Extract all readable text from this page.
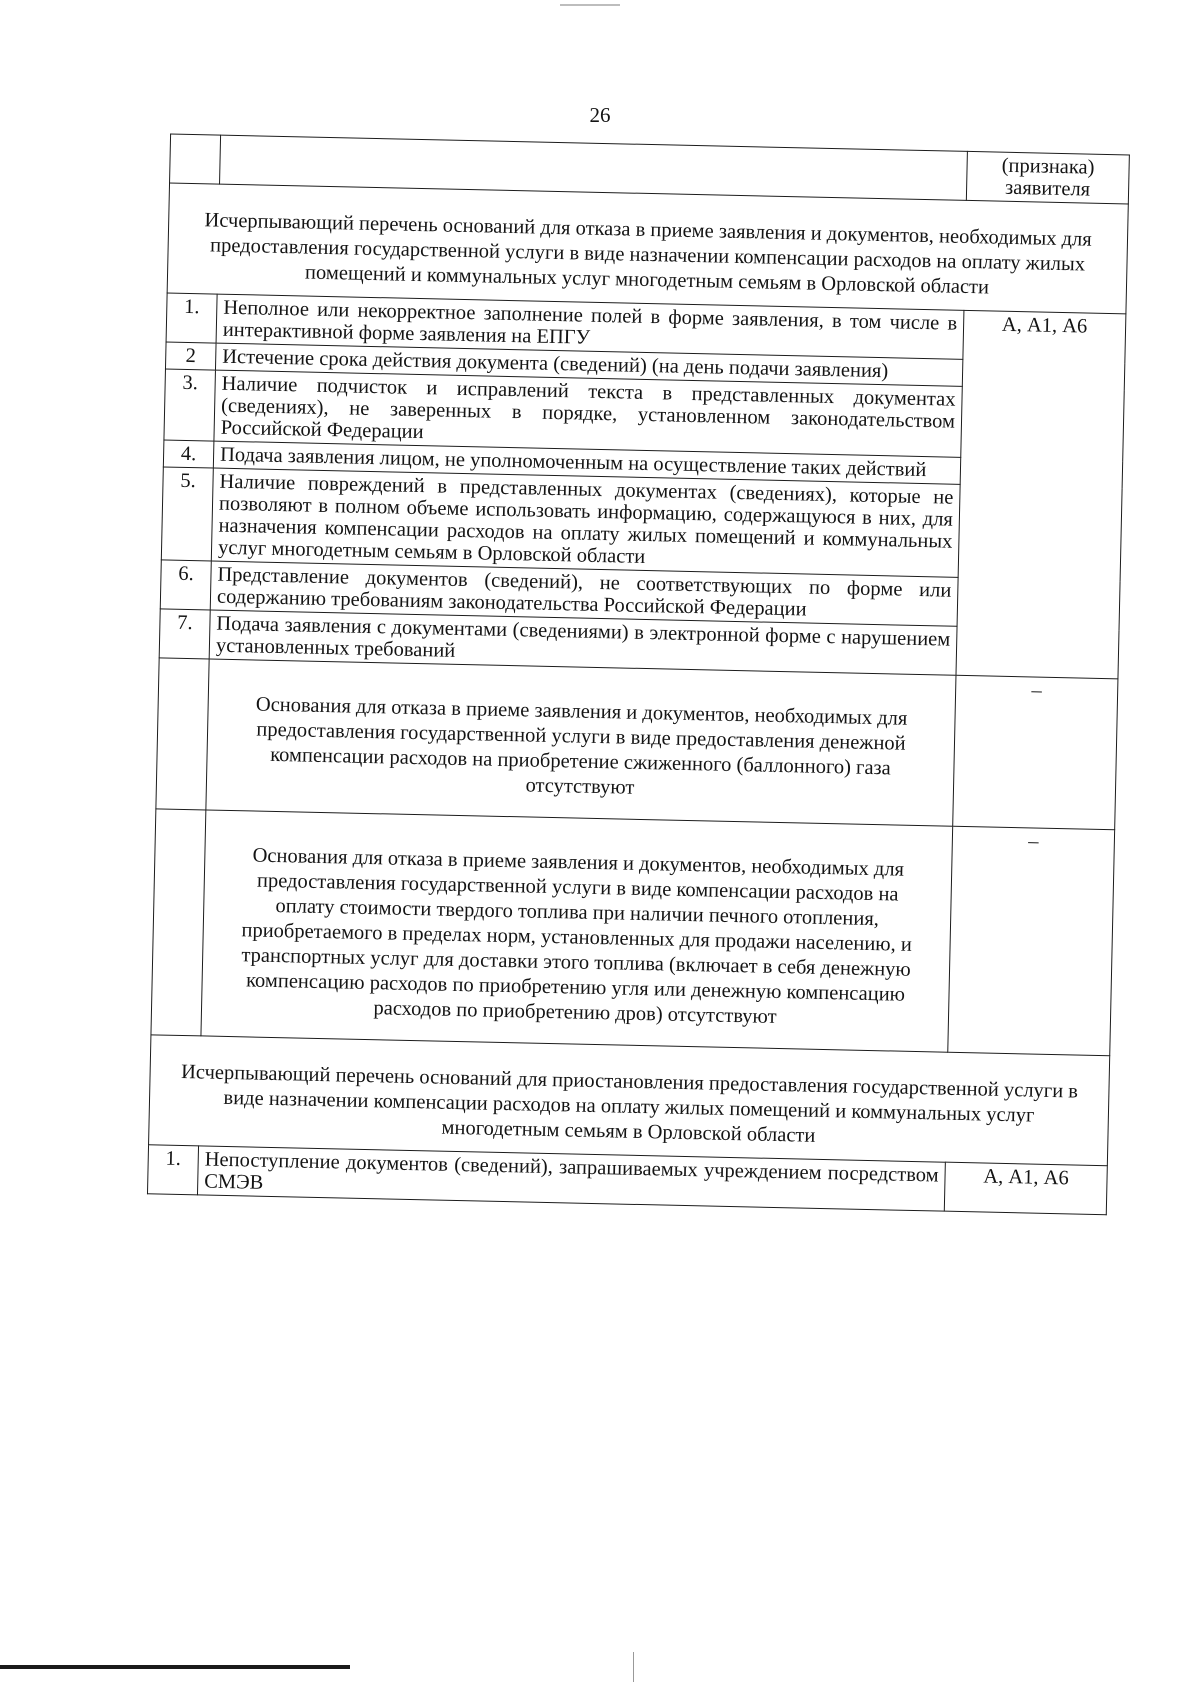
26
		(признака)
заявителя
Исчерпывающий перечень оснований для отказа в приеме заявления и документов, необходимых для предоставления государственной услуги в виде назначении компенсации расходов на оплату жилых помещений и коммунальных услуг многодетным семьям в Орловской области		
1.	Неполное или некорректное заполнение полей в форме заявления, в том числе в интерактивной форме заявления на ЕПГУ	А, А1, А6
2	Истечение срока действия документа (сведений) (на день подачи заявления)	
3.	Наличие подчисток и исправлений текста в представленных документах (сведениях), не заверенных в порядке, установленном законодательством Российской Федерации	
4.	Подача заявления лицом, не уполномоченным на осуществление таких действий	
5.	Наличие повреждений в представленных документах (сведениях), которые не позволяют в полном объеме использовать информацию, содержащуюся в них, для назначения компенсации расходов на оплату жилых помещений и коммунальных услуг многодетным семьям в Орловской области	
6.	Представление документов (сведений), не соответствующих по форме или содержанию требованиям законодательства Российской Федерации	
7.	Подача заявления с документами (сведениями) в электронной форме с нарушением установленных требований	
	Основания для отказа в приеме заявления и документов, необходимых для предоставления государственной услуги в виде предоставления денежной компенсации расходов на приобретение сжиженного (баллонного) газа отсутствуют	–
	Основания для отказа в приеме заявления и документов, необходимых для предоставления государственной услуги в виде компенсации расходов на оплату стоимости твердого топлива при наличии печного отопления, приобретаемого в пределах норм, установленных для продажи населению, и транспортных услуг для доставки этого топлива (включает в себя денежную компенсацию расходов по приобретению угля или денежную компенсацию расходов по приобретению дров) отсутствуют	–
Исчерпывающий перечень оснований для приостановления предоставления государственной услуги в виде назначении компенсации расходов на оплату жилых помещений и коммунальных услуг многодетным семьям в Орловской области		
1.	Непоступление документов (сведений), запрашиваемых учреждением посредством СМЭВ	А, А1, А6
